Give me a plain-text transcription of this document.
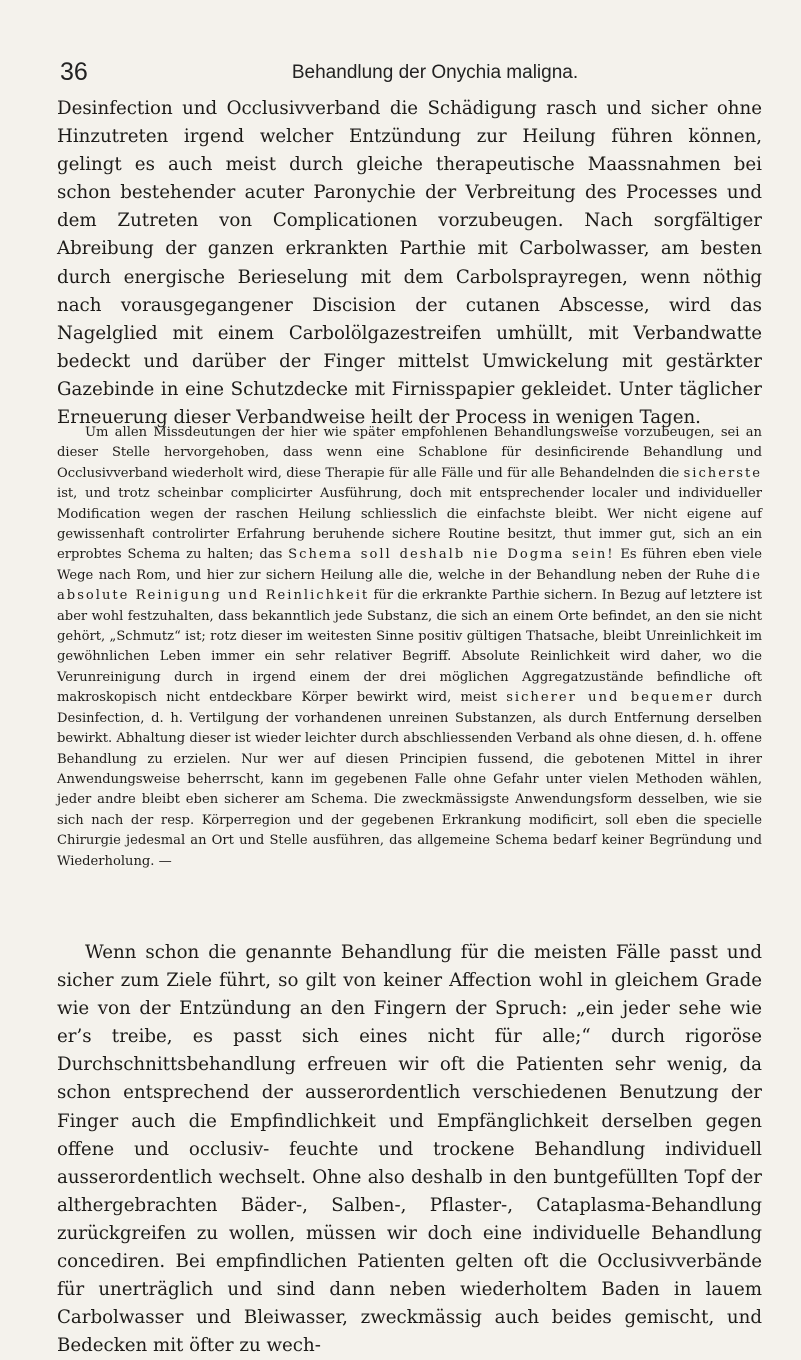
36	Behandlung der Onychia maligna.

Desinfection und Occlusivverband die Schädigung rasch und sicher ohne Hinzutreten irgend welcher Entzündung zur Heilung führen können, gelingt es auch meist durch gleiche therapeutische Maassnahmen bei schon bestehender acuter Paronychie der Verbreitung des Processes und dem Zutreten von Complicationen vorzubeugen. Nach sorgfältiger Abreibung der ganzen erkrankten Parthie mit Carbolwasser, am besten durch energische Berieselung mit dem Carbolsprayregen, wenn nöthig nach vorausgegangener Discision der cutanen Abscesse, wird das Nagelglied mit einem Carbolölgazestreifen umhüllt, mit Verbandwatte bedeckt und darüber der Finger mittelst Umwickelung mit gestärkter Gazebinde in eine Schutzdecke mit Firnisspapier gekleidet. Unter täglicher Erneuerung dieser Verbandweise heilt der Process in wenigen Tagen.

Um allen Missdeutungen der hier wie später empfohlenen Behandlungsweise vorzubeugen, sei an dieser Stelle hervorgehoben, dass wenn eine Schablone für desinficirende Behandlung und Occlusivverband wiederholt wird, diese Therapie für alle Fälle und für alle Behandelnden die sicherste ist, und trotz scheinbar complicirter Ausführung, doch mit entsprechender localer und individueller Modification wegen der raschen Heilung schliesslich die einfachste bleibt. Wer nicht eigene auf gewissenhaft controlirter Erfahrung beruhende sichere Routine besitzt, thut immer gut, sich an ein erprobtes Schema zu halten; das Schema soll deshalb nie Dogma sein! Es führen eben viele Wege nach Rom, und hier zur sichern Heilung alle die, welche in der Behandlung neben der Ruhe die absolute Reinigung und Reinlichkeit für die erkrankte Parthie sichern. In Bezug auf letztere ist aber wohl festzuhalten, dass bekanntlich jede Substanz, die sich an einem Orte befindet, an den sie nicht gehört, „Schmutz“ ist; rotz dieser im weitesten Sinne positiv gültigen Thatsache, bleibt Unreinlichkeit im gewöhnlichen Leben immer ein sehr relativer Begriff. Absolute Reinlichkeit wird daher, wo die Verunreinigung durch in irgend einem der drei möglichen Aggregatzustände befindliche oft makroskopisch nicht entdeckbare Körper bewirkt wird, meist sicherer und bequemer durch Desinfection, d. h. Vertilgung der vorhandenen unreinen Substanzen, als durch Entfernung derselben bewirkt. Abhaltung dieser ist wieder leichter durch abschliessenden Verband als ohne diesen, d. h. offene Behandlung zu erzielen. Nur wer auf diesen Principien fussend, die gebotenen Mittel in ihrer Anwendungsweise beherrscht, kann im gegebenen Falle ohne Gefahr unter vielen Methoden wählen, jeder andre bleibt eben sicherer am Schema. Die zweckmässigste Anwendungsform desselben, wie sie sich nach der resp. Körperregion und der gegebenen Erkrankung modificirt, soll eben die specielle Chirurgie jedesmal an Ort und Stelle ausführen, das allgemeine Schema bedarf keiner Begründung und Wiederholung. —

Wenn schon die genannte Behandlung für die meisten Fälle passt und sicher zum Ziele führt, so gilt von keiner Affection wohl in gleichem Grade wie von der Entzündung an den Fingern der Spruch: „ein jeder sehe wie er’s treibe, es passt sich eines nicht für alle;“ durch rigoröse Durchschnittsbehandlung erfreuen wir oft die Patienten sehr wenig, da schon entsprechend der ausserordentlich verschiedenen Benutzung der Finger auch die Empfindlichkeit und Empfänglichkeit derselben gegen offene und occlusiv- feuchte und trockene Behandlung individuell ausserordentlich wechselt. Ohne also deshalb in den buntgefüllten Topf der althergebrachten Bäder-, Salben-, Pflaster-, Cataplasma-Behandlung zurückgreifen zu wollen, müssen wir doch eine individuelle Behandlung concediren. Bei empfindlichen Patienten gelten oft die Occlusivverbände für unerträglich und sind dann neben wiederholtem Baden in lauem Carbolwasser und Bleiwasser, zweckmässig auch beides gemischt, und Bedecken mit öfter zu wech-
